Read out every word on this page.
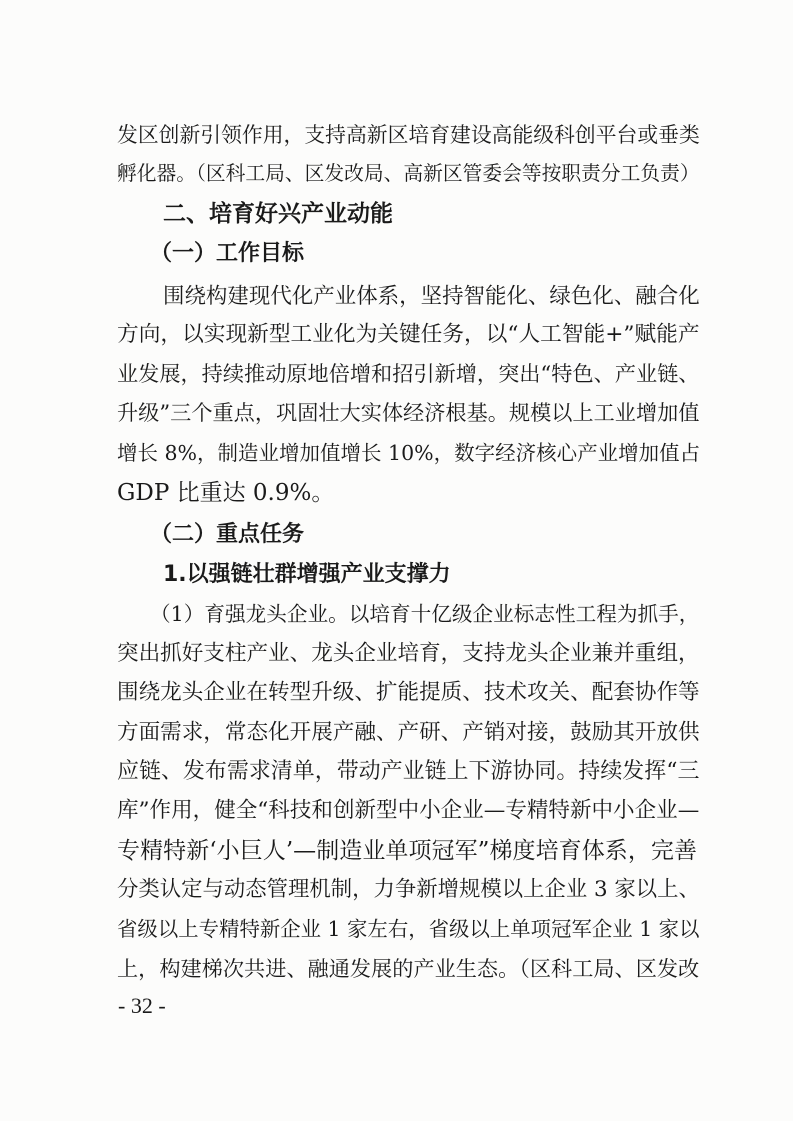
发区创新引领作用，支持高新区培育建设高能级科创平台或垂类
孵化器。（区科工局、区发改局、高新区管委会等按职责分工负责）
二、培育好兴产业动能
（一）工作目标
围绕构建现代化产业体系，坚持智能化、绿色化、融合化
方向，以实现新型工业化为关键任务，以“人工智能+”赋能产
业发展，持续推动原地倍增和招引新增，突出“特色、产业链、
升级”三个重点，巩固壮大实体经济根基。规模以上工业增加值
增长 8%，制造业增加值增长 10%，数字经济核心产业增加值占
GDP 比重达 0.9%。
（二）重点任务
1.以强链壮群增强产业支撑力
（1）育强龙头企业。以培育十亿级企业标志性工程为抓手，
突出抓好支柱产业、龙头企业培育，支持龙头企业兼并重组，
围绕龙头企业在转型升级、扩能提质、技术攻关、配套协作等
方面需求，常态化开展产融、产研、产销对接，鼓励其开放供
应链、发布需求清单，带动产业链上下游协同。持续发挥“三
库”作用，健全“科技和创新型中小企业—专精特新中小企业—
专精特新‘小巨人’—制造业单项冠军”梯度培育体系，完善
分类认定与动态管理机制，力争新增规模以上企业 3 家以上、
省级以上专精特新企业 1 家左右，省级以上单项冠军企业 1 家以
上，构建梯次共进、融通发展的产业生态。（区科工局、区发改
- 32 -
